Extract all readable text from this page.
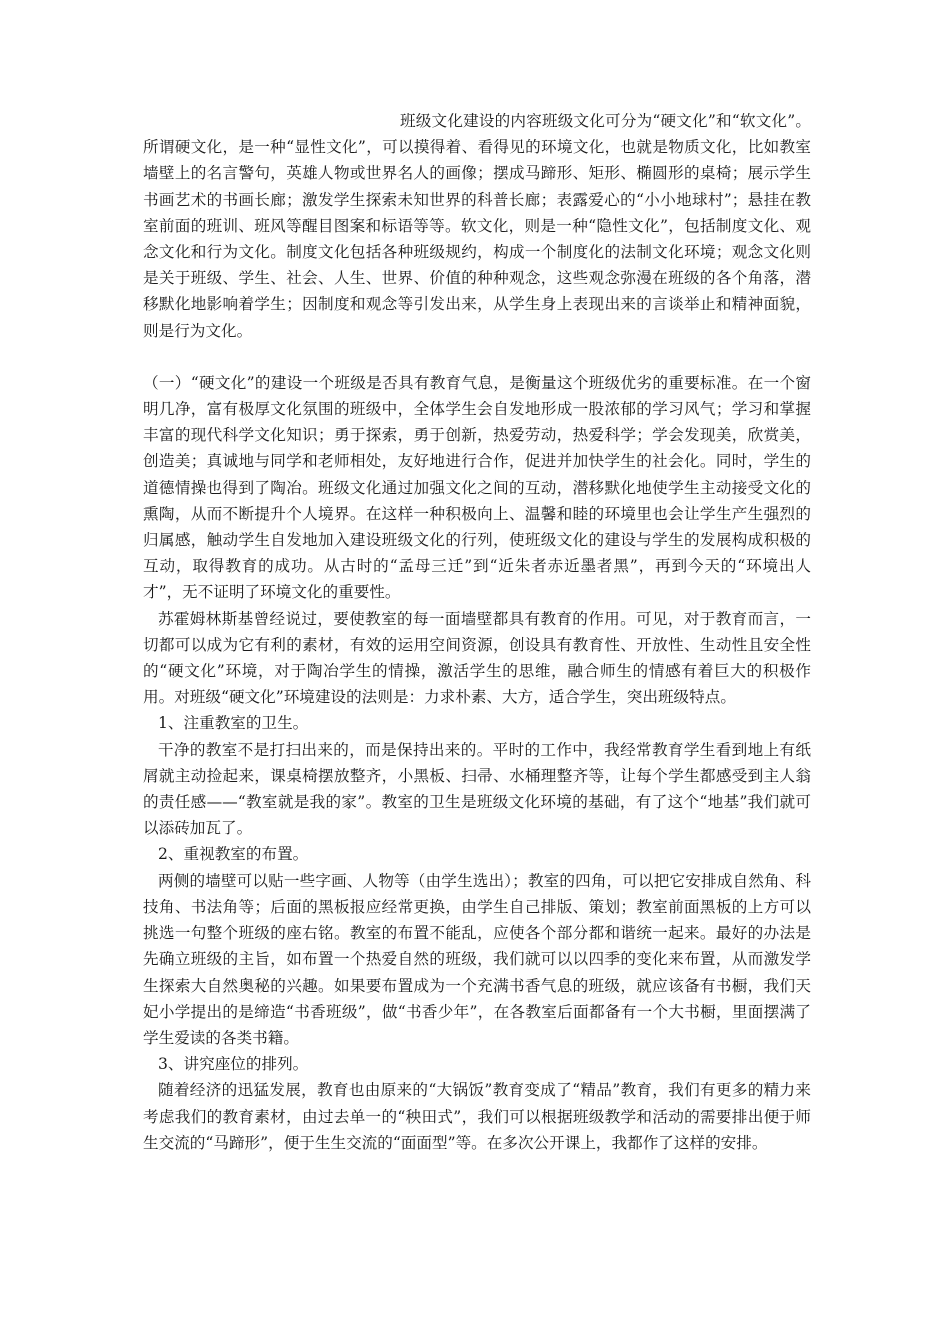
班级文化建设的内容班级文化可分为“硬文化”和“软文化”。所谓硬文化，是一种“显性文化”，可以摸得着、看得见的环境文化，也就是物质文化，比如教室墙壁上的名言警句，英雄人物或世界名人的画像；摆成马蹄形、矩形、椭圆形的桌椅；展示学生书画艺术的书画长廊；激发学生探索未知世界的科普长廊；表露爱心的“小小地球村”；悬挂在教室前面的班训、班风等醒目图案和标语等等。软文化，则是一种“隐性文化”，包括制度文化、观念文化和行为文化。制度文化包括各种班级规约，构成一个制度化的法制文化环境；观念文化则是关于班级、学生、社会、人生、世界、价值的种种观念，这些观念弥漫在班级的各个角落，潜移默化地影响着学生；因制度和观念等引发出来，从学生身上表现出来的言谈举止和精神面貌，则是行为文化。

（一）“硬文化”的建设一个班级是否具有教育气息，是衡量这个班级优劣的重要标准。在一个窗明几净，富有极厚文化氛围的班级中，全体学生会自发地形成一股浓郁的学习风气；学习和掌握丰富的现代科学文化知识；勇于探索，勇于创新，热爱劳动，热爱科学；学会发现美，欣赏美，创造美；真诚地与同学和老师相处，友好地进行合作，促进并加快学生的社会化。同时，学生的道德情操也得到了陶冶。班级文化通过加强文化之间的互动，潜移默化地使学生主动接受文化的熏陶，从而不断提升个人境界。在这样一种积极向上、温馨和睦的环境里也会让学生产生强烈的归属感，触动学生自发地加入建设班级文化的行列，使班级文化的建设与学生的发展构成积极的互动，取得教育的成功。从古时的“孟母三迁”到“近朱者赤近墨者黑”，再到今天的“环境出人才”，无不证明了环境文化的重要性。

苏霍姆林斯基曾经说过，要使教室的每一面墙壁都具有教育的作用。可见，对于教育而言，一切都可以成为它有利的素材，有效的运用空间资源，创设具有教育性、开放性、生动性且安全性的“硬文化”环境，对于陶冶学生的情操，激活学生的思维，融合师生的情感有着巨大的积极作用。对班级“硬文化”环境建设的法则是：力求朴素、大方，适合学生，突出班级特点。

1、注重教室的卫生。

干净的教室不是打扫出来的，而是保持出来的。平时的工作中，我经常教育学生看到地上有纸屑就主动捡起来，课桌椅摆放整齐，小黑板、扫帚、水桶理整齐等，让每个学生都感受到主人翁的责任感——“教室就是我的家”。教室的卫生是班级文化环境的基础，有了这个“地基”我们就可以添砖加瓦了。

2、重视教室的布置。

两侧的墙壁可以贴一些字画、人物等（由学生选出）；教室的四角，可以把它安排成自然角、科技角、书法角等；后面的黑板报应经常更换，由学生自己排版、策划；教室前面黑板的上方可以挑选一句整个班级的座右铭。教室的布置不能乱，应使各个部分都和谐统一起来。最好的办法是先确立班级的主旨，如布置一个热爱自然的班级，我们就可以以四季的变化来布置，从而激发学生探索大自然奥秘的兴趣。如果要布置成为一个充满书香气息的班级，就应该备有书橱，我们天妃小学提出的是缔造“书香班级”，做“书香少年”，在各教室后面都备有一个大书橱，里面摆满了学生爱读的各类书籍。

3、讲究座位的排列。

随着经济的迅猛发展，教育也由原来的“大锅饭”教育变成了“精品”教育，我们有更多的精力来考虑我们的教育素材，由过去单一的“秧田式”，我们可以根据班级教学和活动的需要排出便于师生交流的“马蹄形”，便于生生交流的“面面型”等。在多次公开课上，我都作了这样的安排。
